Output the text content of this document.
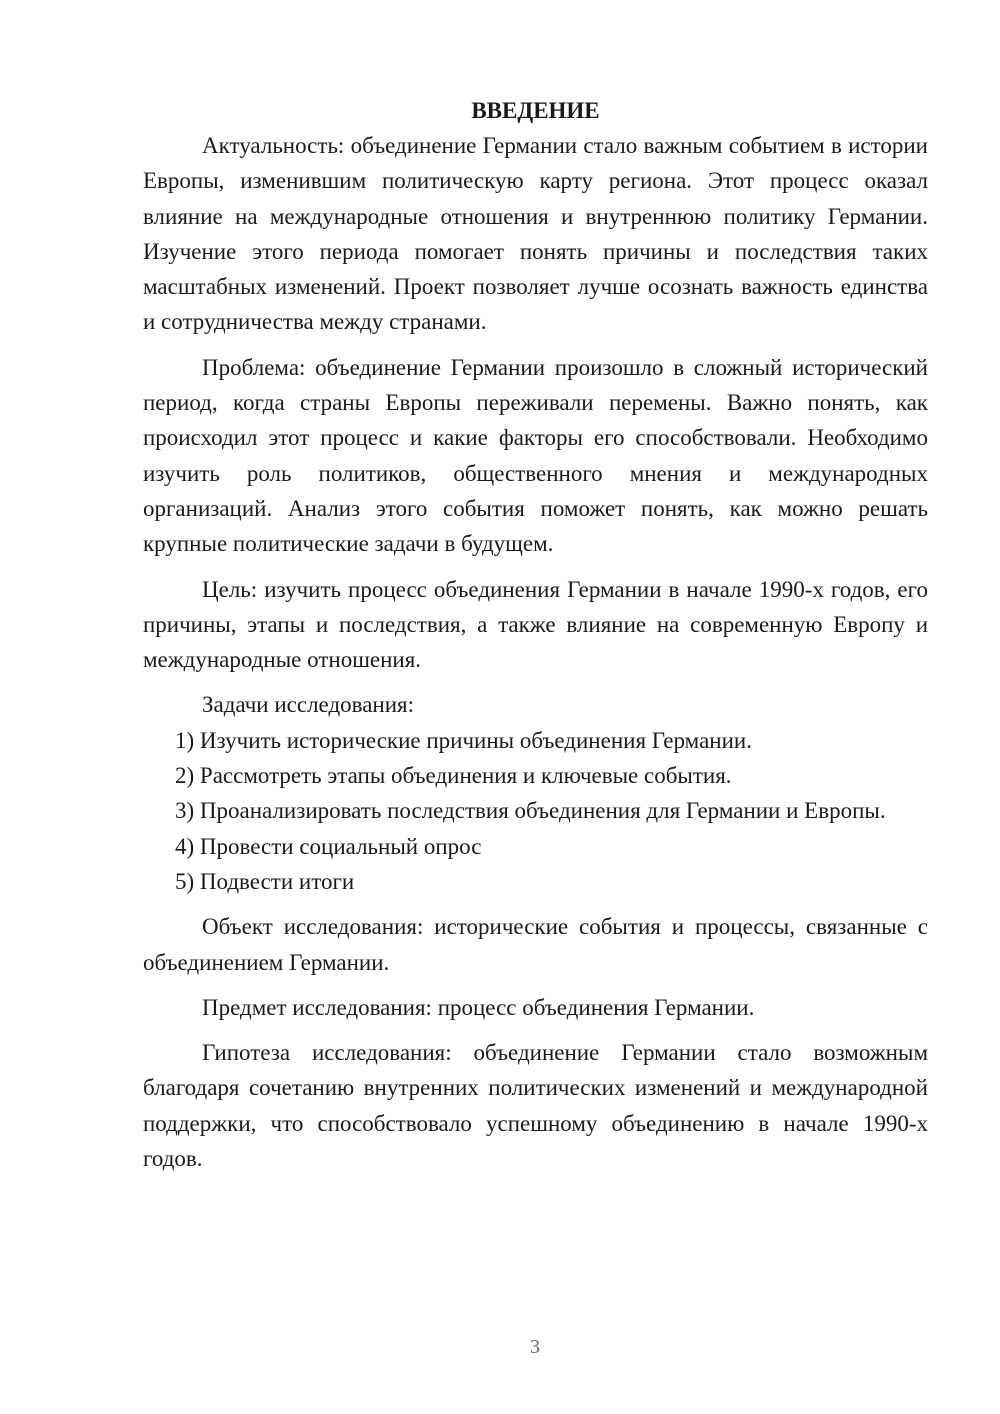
ВВЕДЕНИЕ

Актуальность: объединение Германии стало важным событием в истории Европы, изменившим политическую карту региона. Этот процесс оказал влияние на международные отношения и внутреннюю политику Германии. Изучение этого периода помогает понять причины и последствия таких масштабных изменений. Проект позволяет лучше осознать важность единства и сотрудничества между странами.

Проблема: объединение Германии произошло в сложный исторический период, когда страны Европы переживали перемены. Важно понять, как происходил этот процесс и какие факторы его способствовали. Необходимо изучить роль политиков, общественного мнения и международных организаций. Анализ этого события поможет понять, как можно решать крупные политические задачи в будущем.

Цель: изучить процесс объединения Германии в начале 1990-х годов, его причины, этапы и последствия, а также влияние на современную Европу и международные отношения.

Задачи исследования:

1) Изучить исторические причины объединения Германии.

2) Рассмотреть этапы объединения и ключевые события.

3) Проанализировать последствия объединения для Германии и Европы.

4) Провести социальный опрос

5) Подвести итоги

Объект исследования: исторические события и процессы, связанные с объединением Германии.

Предмет исследования: процесс объединения Германии.

Гипотеза исследования: объединение Германии стало возможным благодаря сочетанию внутренних политических изменений и международной поддержки, что способствовало успешному объединению в начале 1990-х годов.

3
